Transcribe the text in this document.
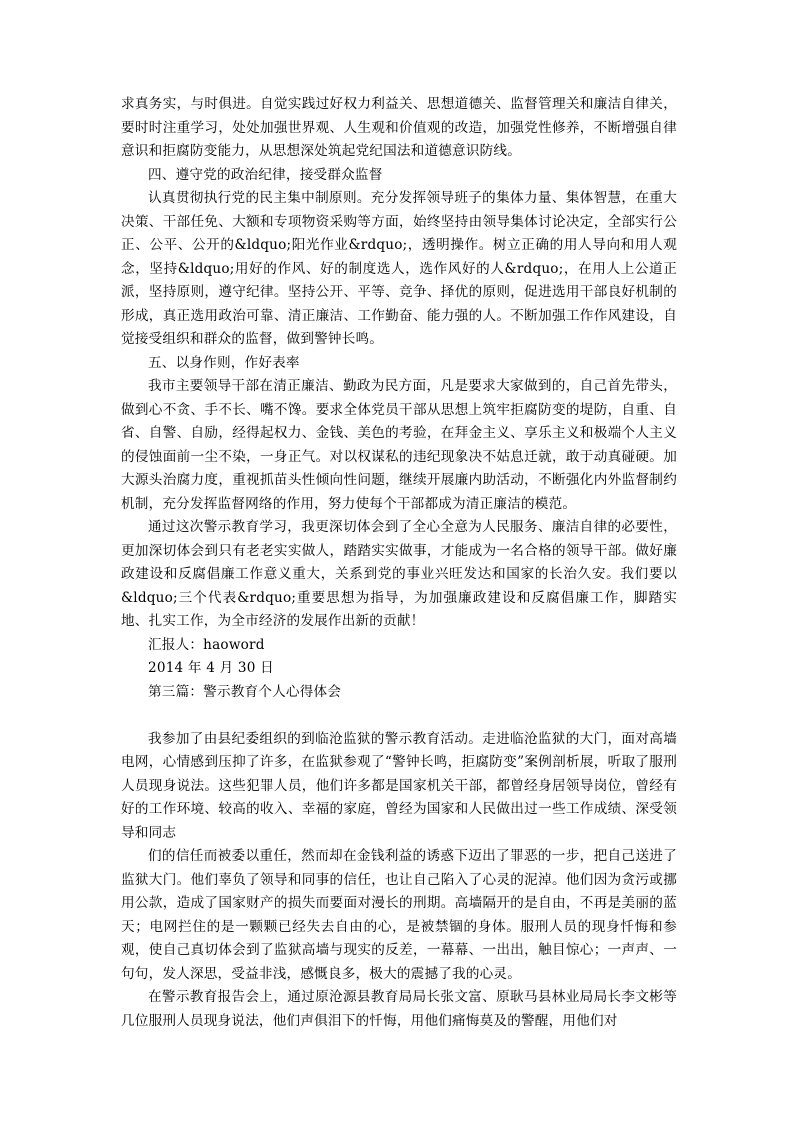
求真务实，与时俱进。自觉实践过好权力利益关、思想道德关、监督管理关和廉洁自律关，要时时注重学习，处处加强世界观、人生观和价值观的改造，加强党性修养，不断增强自律意识和拒腐防变能力，从思想深处筑起党纪国法和道德意识防线。

四、遵守党的政治纪律，接受群众监督

认真贯彻执行党的民主集中制原则。充分发挥领导班子的集体力量、集体智慧，在重大决策、干部任免、大额和专项物资采购等方面，始终坚持由领导集体讨论决定，全部实行公正、公平、公开的&ldquo;阳光作业&rdquo;，透明操作。树立正确的用人导向和用人观念，坚持&ldquo;用好的作风、好的制度选人，选作风好的人&rdquo;，在用人上公道正派，坚持原则，遵守纪律。坚持公开、平等、竞争、择优的原则，促进选用干部良好机制的形成，真正选用政治可靠、清正廉洁、工作勤奋、能力强的人。不断加强工作作风建设，自觉接受组织和群众的监督，做到警钟长鸣。

五、以身作则，作好表率

我市主要领导干部在清正廉洁、勤政为民方面，凡是要求大家做到的，自己首先带头，做到心不贪、手不长、嘴不馋。要求全体党员干部从思想上筑牢拒腐防变的堤防，自重、自省、自警、自励，经得起权力、金钱、美色的考验，在拜金主义、享乐主义和极端个人主义的侵蚀面前一尘不染，一身正气。对以权谋私的违纪现象决不姑息迁就，敢于动真碰硬。加大源头治腐力度，重视抓苗头性倾向性问题，继续开展廉内助活动，不断强化内外监督制约机制，充分发挥监督网络的作用，努力使每个干部都成为清正廉洁的模范。

通过这次警示教育学习，我更深切体会到了全心全意为人民服务、廉洁自律的必要性，更加深切体会到只有老老实实做人，踏踏实实做事，才能成为一名合格的领导干部。做好廉政建设和反腐倡廉工作意义重大，关系到党的事业兴旺发达和国家的长治久安。我们要以&ldquo;三个代表&rdquo;重要思想为指导，为加强廉政建设和反腐倡廉工作，脚踏实地、扎实工作，为全市经济的发展作出新的贡献！

汇报人：haoword

2014 年 4 月 30 日

第三篇：警示教育个人心得体会

我参加了由县纪委组织的到临沧监狱的警示教育活动。走进临沧监狱的大门，面对高墙电网，心情感到压抑了许多，在监狱参观了“警钟长鸣，拒腐防变”案例剖析展，听取了服刑人员现身说法。这些犯罪人员，他们许多都是国家机关干部，都曾经身居领导岗位，曾经有好的工作环境、较高的收入、幸福的家庭，曾经为国家和人民做出过一些工作成绩、深受领导和同志

们的信任而被委以重任，然而却在金钱利益的诱惑下迈出了罪恶的一步，把自己送进了监狱大门。他们辜负了领导和同事的信任，也让自己陷入了心灵的泥淖。他们因为贪污或挪用公款，造成了国家财产的损失而要面对漫长的刑期。高墙隔开的是自由，不再是美丽的蓝天；电网拦住的是一颗颗已经失去自由的心，是被禁锢的身体。服刑人员的现身忏悔和参观，使自己真切体会到了监狱高墙与现实的反差，一幕幕、一出出，触目惊心；一声声、一句句，发人深思，受益非浅，感慨良多，极大的震撼了我的心灵。

在警示教育报告会上，通过原沧源县教育局局长张文富、原耿马县林业局局长李文彬等几位服刑人员现身说法，他们声俱泪下的忏悔，用他们痛悔莫及的警醒，用他们对
